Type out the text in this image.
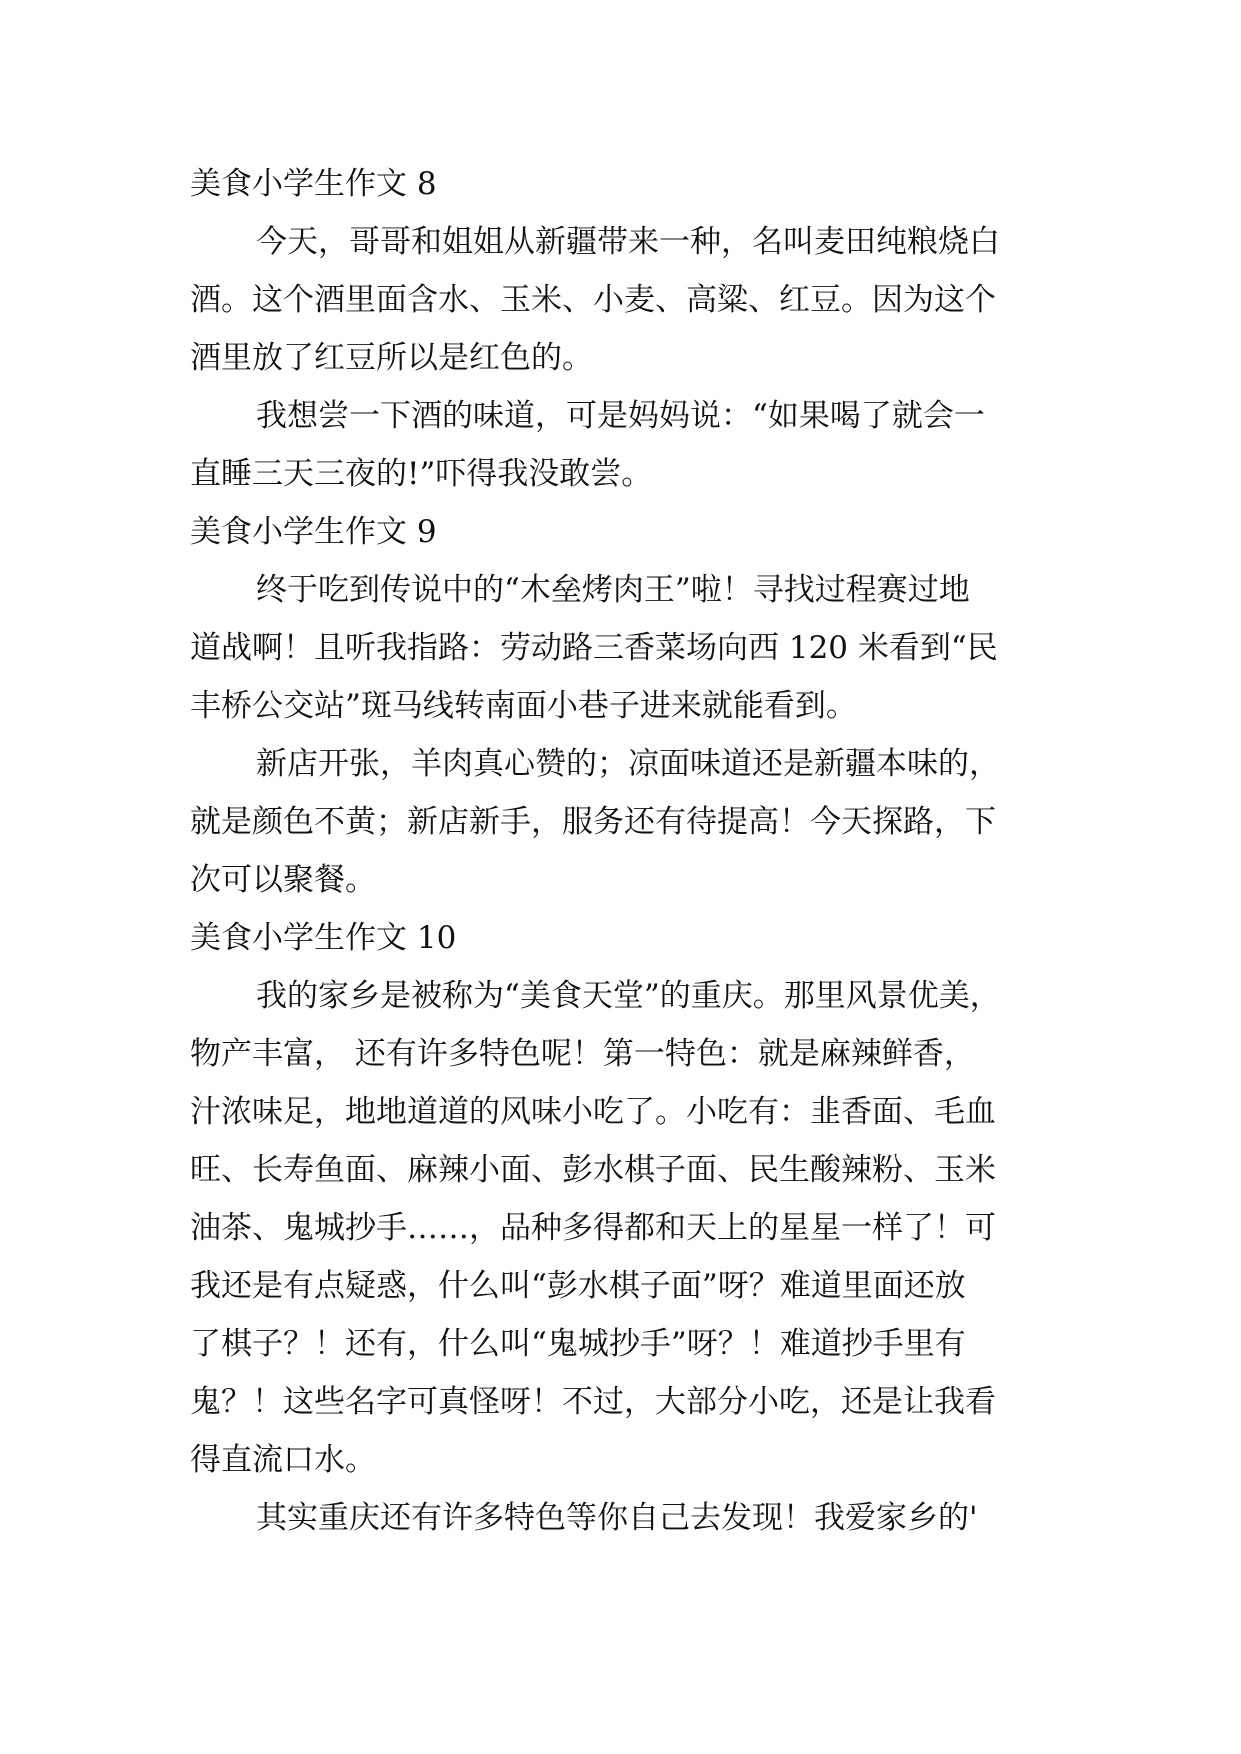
美食小学生作文 8

今天，哥哥和姐姐从新疆带来一种，名叫麦田纯粮烧白
酒。这个酒里面含水、玉米、小麦、高粱、红豆。因为这个
酒里放了红豆所以是红色的。

我想尝一下酒的味道，可是妈妈说：“如果喝了就会一
直睡三天三夜的!”吓得我没敢尝。

美食小学生作文 9

终于吃到传说中的“木垒烤肉王”啦！寻找过程赛过地
道战啊！且听我指路：劳动路三香菜场向西 120 米看到“民
丰桥公交站”斑马线转南面小巷子进来就能看到。

新店开张，羊肉真心赞的；凉面味道还是新疆本味的，
就是颜色不黄；新店新手，服务还有待提高！今天探路，下
次可以聚餐。

美食小学生作文 10

我的家乡是被称为“美食天堂”的重庆。那里风景优美，
物产丰富， 还有许多特色呢！第一特色：就是麻辣鲜香，
汁浓味足，地地道道的风味小吃了。小吃有：韭香面、毛血
旺、长寿鱼面、麻辣小面、彭水棋子面、民生酸辣粉、玉米
油茶、鬼城抄手……，品种多得都和天上的星星一样了！可
我还是有点疑惑，什么叫“彭水棋子面”呀？难道里面还放
了棋子？！还有，什么叫“鬼城抄手”呀？！难道抄手里有
鬼？！这些名字可真怪呀！不过，大部分小吃，还是让我看
得直流口水。

其实重庆还有许多特色等你自己去发现！我爱家乡的'
